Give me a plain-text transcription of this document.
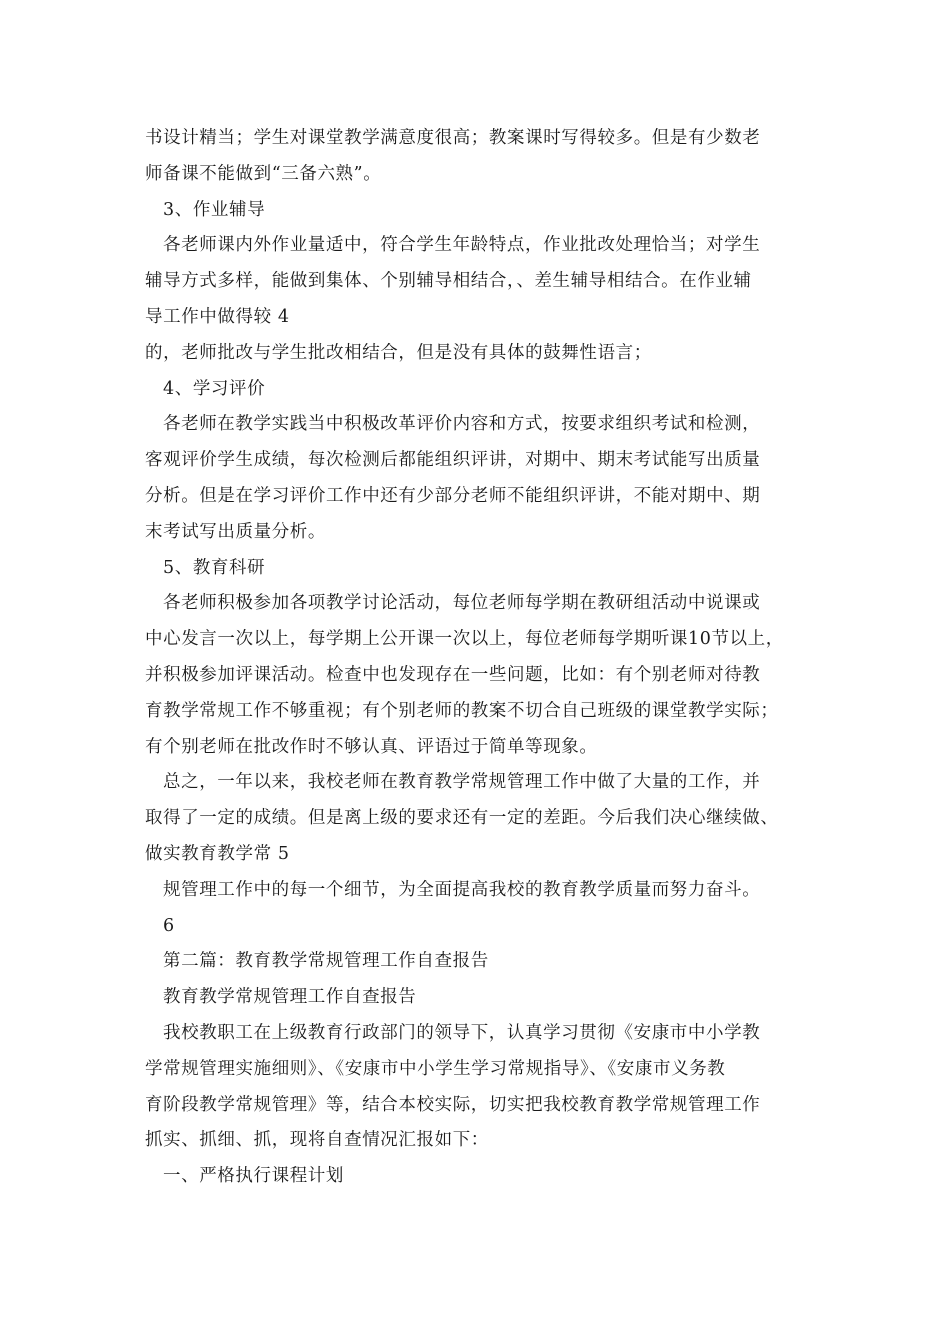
书设计精当；学生对课堂教学满意度很高；教案课时写得较多。但是有少数老
师备课不能做到“三备六熟”。
3、作业辅导
各老师课内外作业量适中，符合学生年龄特点，作业批改处理恰当；对学生
辅导方式多样，能做到集体、个别辅导相结合，、差生辅导相结合。在作业辅
导工作中做得较 4
的，老师批改与学生批改相结合，但是没有具体的鼓舞性语言；
4、学习评价
各老师在教学实践当中积极改革评价内容和方式，按要求组织考试和检测，
客观评价学生成绩，每次检测后都能组织评讲，对期中、期末考试能写出质量
分析。但是在学习评价工作中还有少部分老师不能组织评讲，不能对期中、期
末考试写出质量分析。
5、教育科研
各老师积极参加各项教学讨论活动，每位老师每学期在教研组活动中说课或
中心发言一次以上，每学期上公开课一次以上，每位老师每学期听课10节以上，
并积极参加评课活动。检查中也发现存在一些问题，比如：有个别老师对待教
育教学常规工作不够重视；有个别老师的教案不切合自己班级的课堂教学实际；
有个别老师在批改作时不够认真、评语过于简单等现象。
总之，一年以来，我校老师在教育教学常规管理工作中做了大量的工作，并
取得了一定的成绩。但是离上级的要求还有一定的差距。今后我们决心继续做、
做实教育教学常 5
规管理工作中的每一个细节，为全面提高我校的教育教学质量而努力奋斗。
6
第二篇：教育教学常规管理工作自查报告
教育教学常规管理工作自查报告
我校教职工在上级教育行政部门的领导下，认真学习贯彻《安康市中小学教
学常规管理实施细则》、《安康市中小学生学习常规指导》、《安康市义务教
育阶段教学常规管理》等，结合本校实际，切实把我校教育教学常规管理工作
抓实、抓细、抓，现将自查情况汇报如下：
一、严格执行课程计划
